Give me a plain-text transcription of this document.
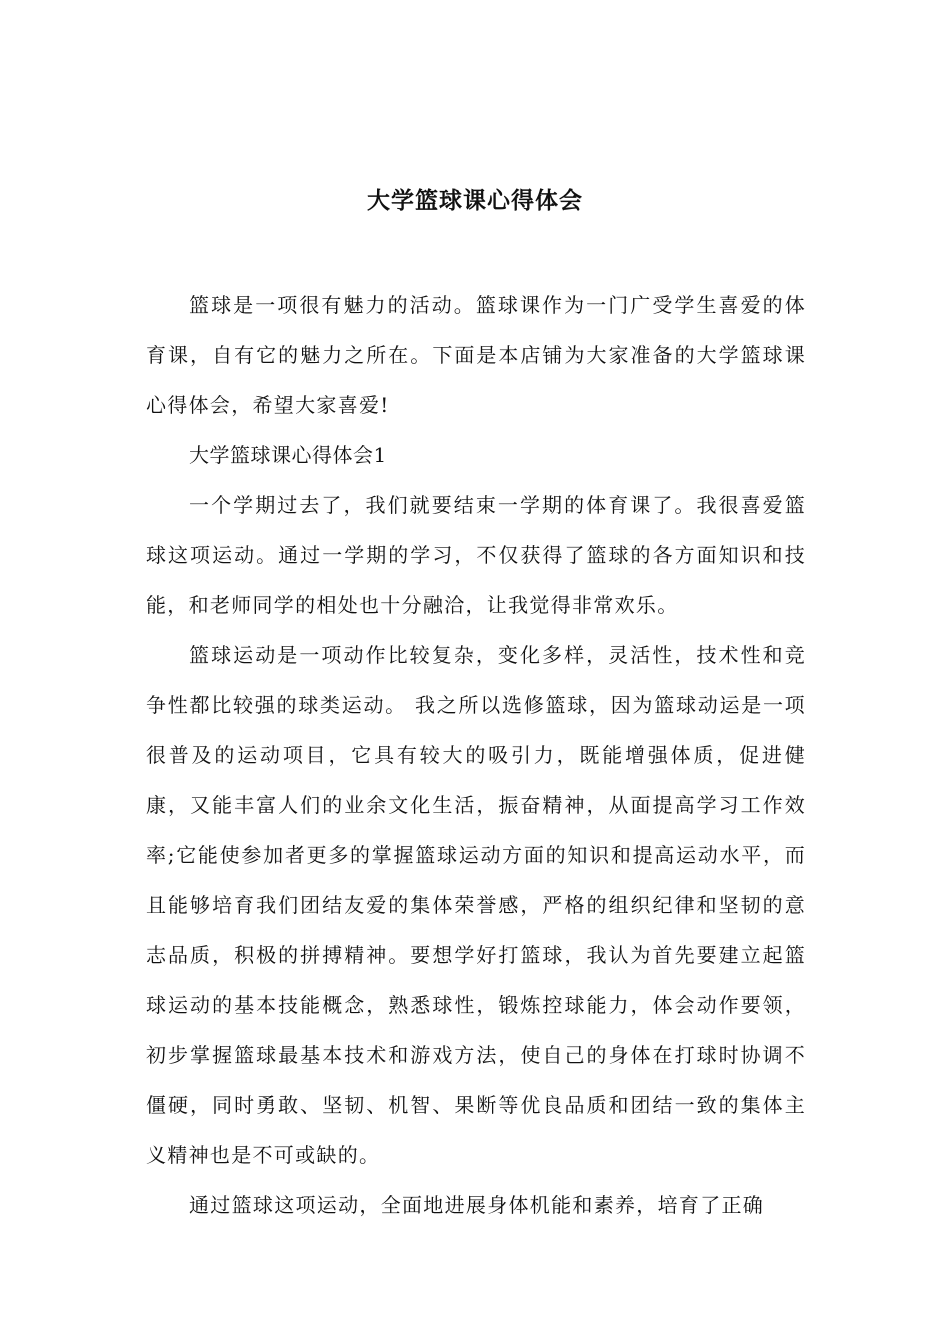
大学篮球课心得体会

篮球是一项很有魅力的活动。篮球课作为一门广受学生喜爱的体育课，自有它的魅力之所在。下面是本店铺为大家准备的大学篮球课心得体会，希望大家喜爱!

大学篮球课心得体会1

一个学期过去了，我们就要结束一学期的体育课了。我很喜爱篮球这项运动。通过一学期的学习，不仅获得了篮球的各方面知识和技能，和老师同学的相处也十分融洽，让我觉得非常欢乐。

篮球运动是一项动作比较复杂，变化多样，灵活性，技术性和竞争性都比较强的球类运动。 我之所以选修篮球，因为篮球动运是一项很普及的运动项目，它具有较大的吸引力，既能增强体质，促进健康，又能丰富人们的业余文化生活，振奋精神，从面提高学习工作效率;它能使参加者更多的掌握篮球运动方面的知识和提高运动水平，而且能够培育我们团结友爱的集体荣誉感，严格的组织纪律和坚韧的意志品质，积极的拼搏精神。要想学好打篮球，我认为首先要建立起篮球运动的基本技能概念，熟悉球性，锻炼控球能力，体会动作要领，初步掌握篮球最基本技术和游戏方法，使自己的身体在打球时协调不僵硬，同时勇敢、坚韧、机智、果断等优良品质和团结一致的集体主义精神也是不可或缺的。

通过篮球这项运动，全面地进展身体机能和素养，培育了正确
